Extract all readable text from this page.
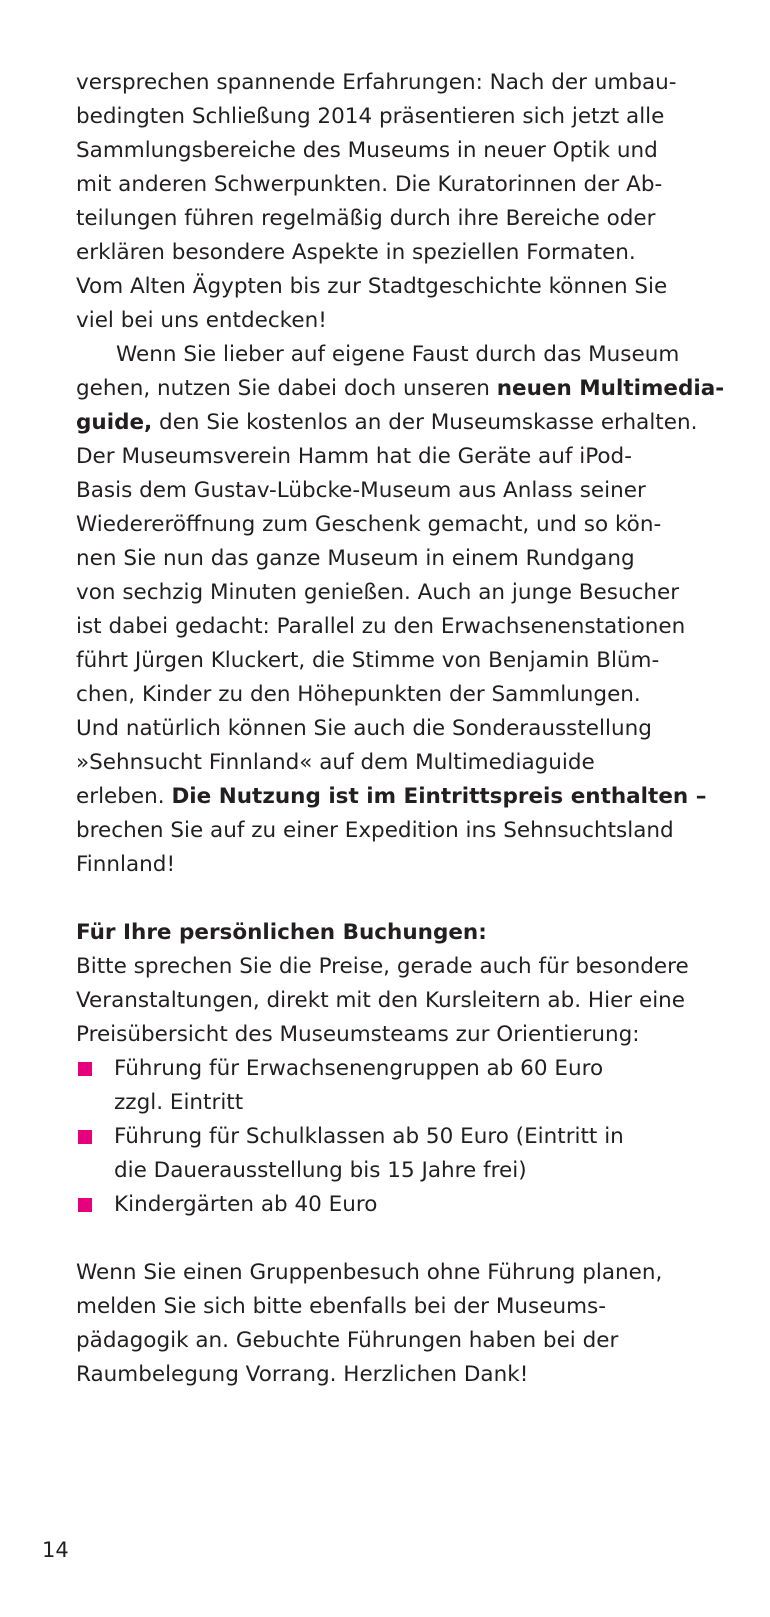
versprechen spannende Erfahrungen: Nach der umbau-
bedingten Schließung 2014 präsentieren sich jetzt alle
Sammlungsbereiche des Museums in neuer Optik und
mit anderen Schwerpunkten. Die Kuratorinnen der Ab-
teilungen führen regelmäßig durch ihre Bereiche oder
erklären besondere Aspekte in speziellen Formaten.
Vom Alten Ägypten bis zur Stadtgeschichte können Sie
viel bei uns entdecken!
Wenn Sie lieber auf eigene Faust durch das Museum
gehen, nutzen Sie dabei doch unseren neuen Multimedia-
guide, den Sie kostenlos an der Museumskasse erhalten.
Der Museumsverein Hamm hat die Geräte auf iPod-
Basis dem Gustav-Lübcke-Museum aus Anlass seiner
Wiedereröffnung zum Geschenk gemacht, und so kön-
nen Sie nun das ganze Museum in einem Rundgang
von sechzig Minuten genießen. Auch an junge Besucher
ist dabei gedacht: Parallel zu den Erwachsenenstationen
führt Jürgen Kluckert, die Stimme von Benjamin Blüm-
chen, Kinder zu den Höhepunkten der Sammlungen.
Und natürlich können Sie auch die Sonderausstellung
»Sehnsucht Finnland« auf dem Multimediaguide
erleben. Die Nutzung ist im Eintrittspreis enthalten –
brechen Sie auf zu einer Expedition ins Sehnsuchtsland
Finnland!
Für Ihre persönlichen Buchungen:
Bitte sprechen Sie die Preise, gerade auch für besondere
Veranstaltungen, direkt mit den Kursleitern ab. Hier eine
Preisübersicht des Museumsteams zur Orientierung:
Führung für Erwachsenengruppen ab 60 Euro
zzgl. Eintritt
Führung für Schulklassen ab 50 Euro (Eintritt in
die Dauerausstellung bis 15 Jahre frei)
Kindergärten ab 40 Euro
Wenn Sie einen Gruppenbesuch ohne Führung planen,
melden Sie sich bitte ebenfalls bei der Museums-
pädagogik an. Gebuchte Führungen haben bei der
Raumbelegung Vorrang. Herzlichen Dank!
14
